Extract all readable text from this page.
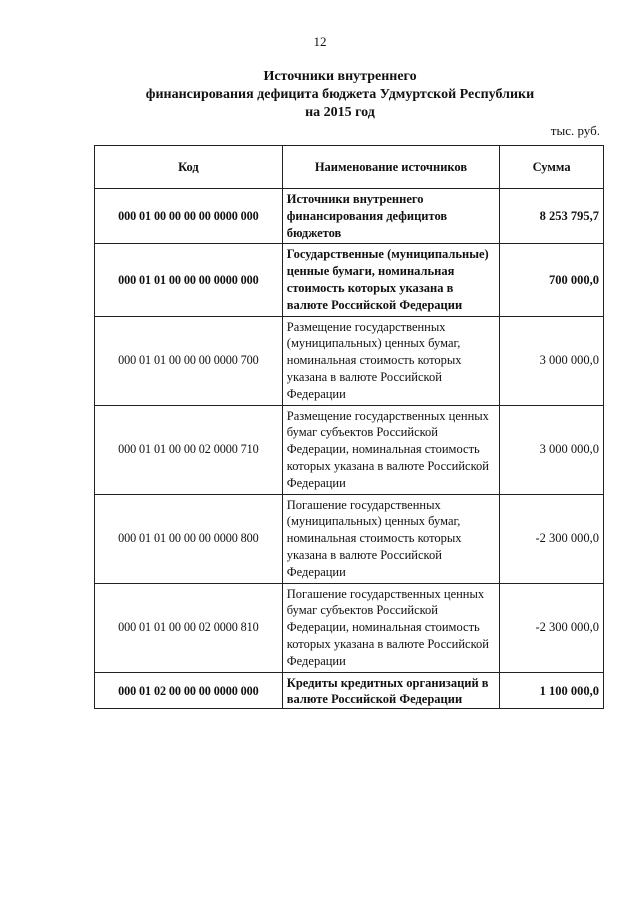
12
Источники внутреннего
финансирования дефицита бюджета Удмуртской Республики
на 2015 год
тыс. руб.
Код	Наименование источников	Сумма
000 01 00 00 00 00 0000 000	Источники внутреннего финансирования дефицитов бюджетов	8 253 795,7
000 01 01 00 00 00 0000 000	Государственные (муниципальные) ценные бумаги, номинальная стоимость которых указана в валюте Российской Федерации	700 000,0
000 01 01 00 00 00 0000 700	Размещение государственных (муниципальных) ценных бумаг, номинальная стоимость которых указана в валюте Российской Федерации	3 000 000,0
000 01 01 00 00 02 0000 710	Размещение государственных ценных бумаг субъектов Российской Федерации, номинальная стоимость которых указана в валюте Российской Федерации	3 000 000,0
000 01 01 00 00 00 0000 800	Погашение государственных (муниципальных) ценных бумаг, номинальная стоимость которых указана в валюте Российской Федерации	-2 300 000,0
000 01 01 00 00 02 0000 810	Погашение государственных ценных бумаг субъектов Российской Федерации, номинальная стоимость которых указана в валюте Российской Федерации	-2 300 000,0
000 01 02 00 00 00 0000 000	Кредиты кредитных организаций в валюте Российской Федерации	1 100 000,0
